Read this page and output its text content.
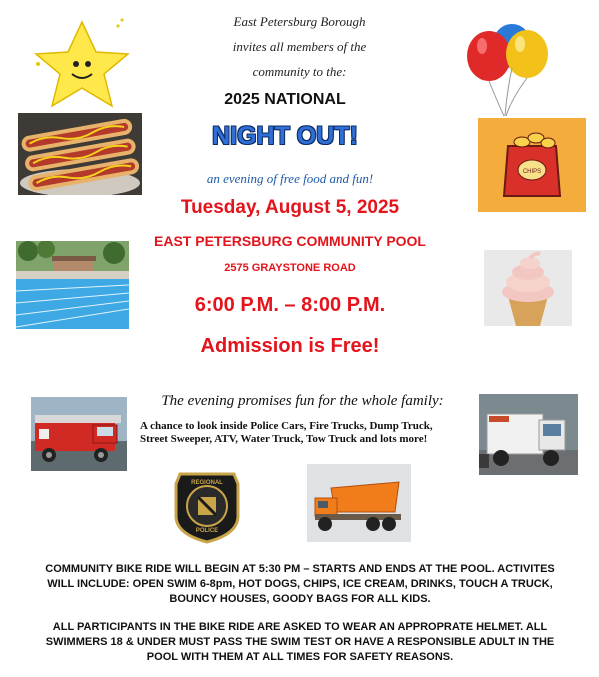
East Petersburg Borough
invites all members of the
community to the:
2025 NATIONAL
NIGHT OUT!
an evening of free food and fun!
Tuesday, August 5, 2025
EAST PETERSBURG COMMUNITY POOL
2575 GRAYSTONE ROAD
6:00 P.M. – 8:00 P.M.
Admission is Free!
The evening promises fun for the whole family:
A chance to look inside Police Cars, Fire Trucks, Dump Truck, Street Sweeper, ATV, Water Truck, Tow Truck and lots more!
COMMUNITY BIKE RIDE WILL BEGIN AT 5:30 PM – STARTS AND ENDS AT THE POOL. ACTIVITES WILL INCLUDE: OPEN SWIM 6-8pm, HOT DOGS, CHIPS, ICE CREAM, DRINKS, TOUCH A TRUCK, BOUNCY HOUSES, GOODY BAGS FOR ALL KIDS.
ALL PARTICIPANTS IN THE BIKE RIDE ARE ASKED TO WEAR AN APPROPRATE HELMET. ALL SWIMMERS 18 & UNDER MUST PASS THE SWIM TEST OR HAVE A RESPONSIBLE ADULT IN THE POOL WITH THEM AT ALL TIMES FOR SAFETY REASONS.
CHIPS
REGIONAL
POLICE
